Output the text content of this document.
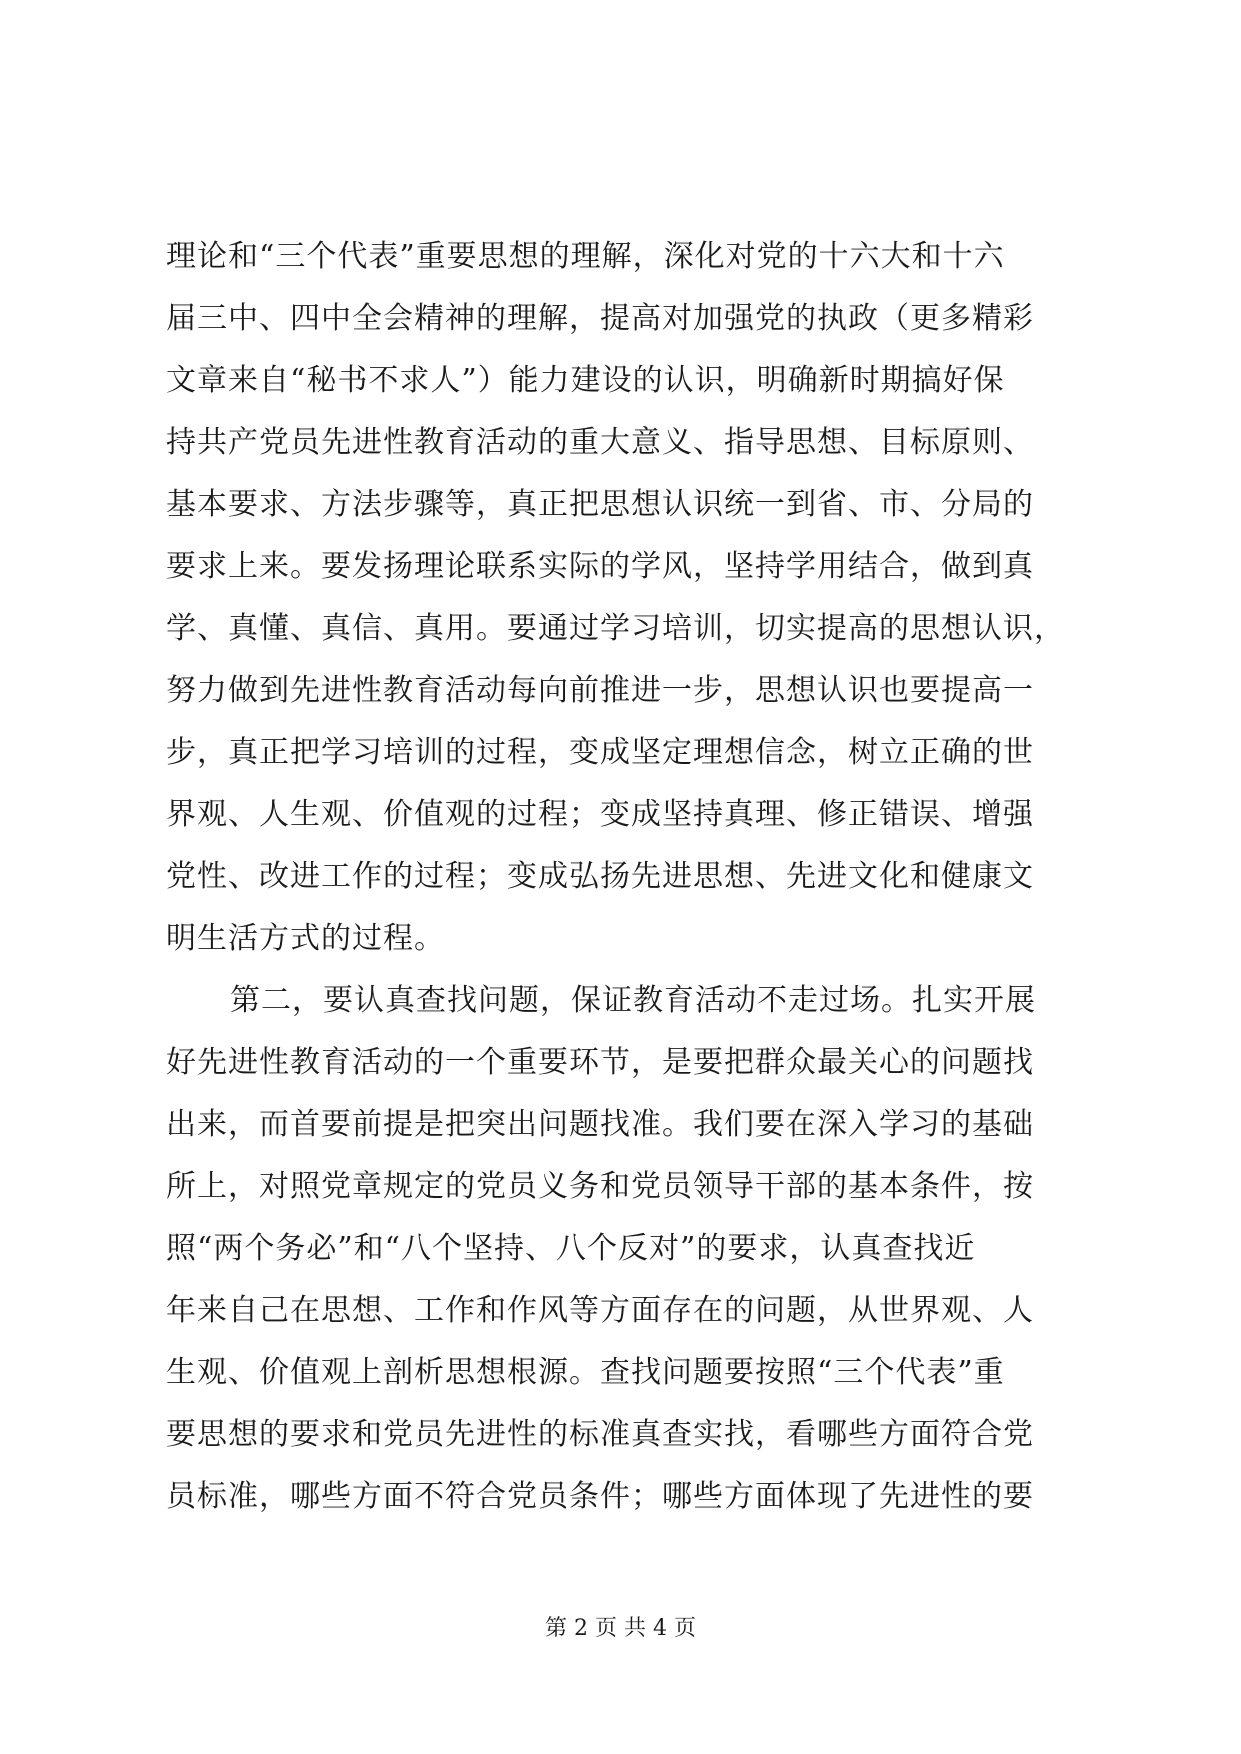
理论和“三个代表”重要思想的理解，深化对党的十六大和十六
届三中、四中全会精神的理解，提高对加强党的执政（更多精彩
文章来自“秘书不求人”）能力建设的认识，明确新时期搞好保
持共产党员先进性教育活动的重大意义、指导思想、目标原则、
基本要求、方法步骤等，真正把思想认识统一到省、市、分局的
要求上来。要发扬理论联系实际的学风，坚持学用结合，做到真
学、真懂、真信、真用。要通过学习培训，切实提高的思想认识，
努力做到先进性教育活动每向前推进一步，思想认识也要提高一
步，真正把学习培训的过程，变成坚定理想信念，树立正确的世
界观、人生观、价值观的过程；变成坚持真理、修正错误、增强
党性、改进工作的过程；变成弘扬先进思想、先进文化和健康文
明生活方式的过程。
第二，要认真查找问题，保证教育活动不走过场。扎实开展
好先进性教育活动的一个重要环节，是要把群众最关心的问题找
出来，而首要前提是把突出问题找准。我们要在深入学习的基础
所上，对照党章规定的党员义务和党员领导干部的基本条件，按
照“两个务必”和“八个坚持、八个反对”的要求，认真查找近
年来自己在思想、工作和作风等方面存在的问题，从世界观、人
生观、价值观上剖析思想根源。查找问题要按照“三个代表”重
要思想的要求和党员先进性的标准真查实找，看哪些方面符合党
员标准，哪些方面不符合党员条件；哪些方面体现了先进性的要
第 2 页 共 4 页
